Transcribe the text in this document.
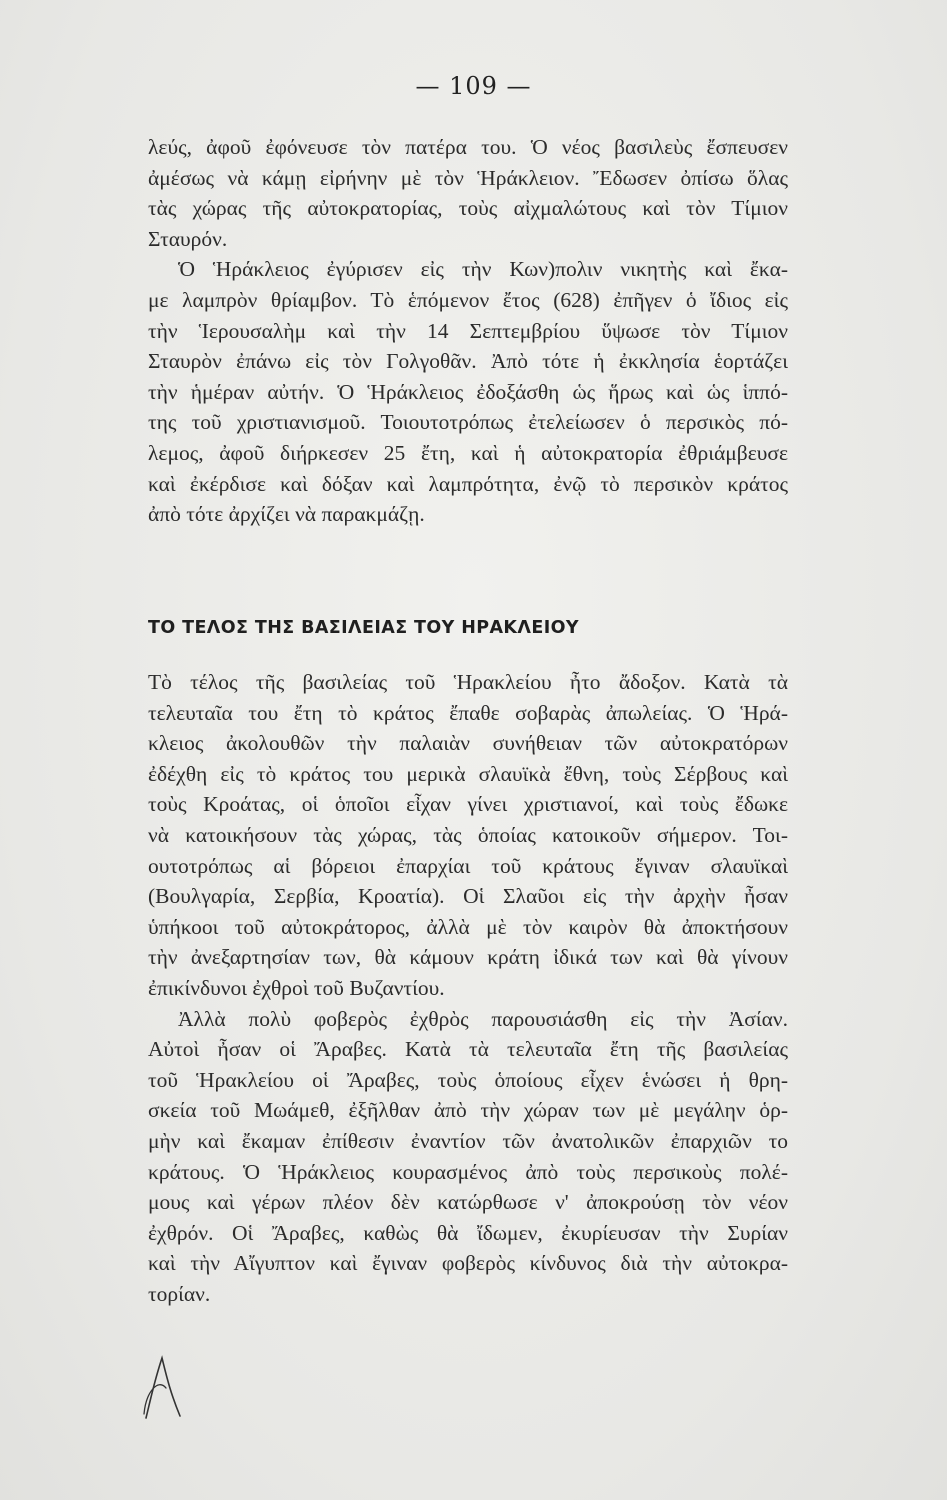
— 109 —
λεύς, ἀφοῦ ἐφόνευσε τὸν πατέρα του. Ὁ νέος βασιλεὺς ἔσπευσεν
ἀμέσως νὰ κάμῃ εἰρήνην μὲ τὸν Ἡράκλειον. Ἔδωσεν ὀπίσω ὅλας
τὰς χώρας τῆς αὐτοκρατορίας, τοὺς αἰχμαλώτους καὶ τὸν Τίμιον
Σταυρόν.
Ὁ Ἡράκλειος ἐγύρισεν εἰς τὴν Κων)πολιν νικητὴς καὶ ἔκα-
με λαμπρὸν θρίαμβον. Τὸ ἑπόμενον ἔτος (628) ἐπῆγεν ὁ ἴδιος εἰς
τὴν Ἱερουσαλὴμ καὶ τὴν 14 Σεπτεμβρίου ὕψωσε τὸν Τίμιον
Σταυρὸν ἐπάνω εἰς τὸν Γολγοθᾶν. Ἀπὸ τότε ἡ ἐκκλησία ἑορτάζει
τὴν ἡμέραν αὐτήν. Ὁ Ἡράκλειος ἐδοξάσθη ὡς ἥρως καὶ ὡς ἱππό-
της τοῦ χριστιανισμοῦ. Τοιουτοτρόπως ἐτελείωσεν ὁ περσικὸς πό-
λεμος, ἀφοῦ διήρκεσεν 25 ἔτη, καὶ ἡ αὐτοκρατορία ἐθριάμβευσε
καὶ ἐκέρδισε καὶ δόξαν καὶ λαμπρότητα, ἐνῷ τὸ περσικὸν κράτος
ἀπὸ τότε ἀρχίζει νὰ παρακμάζῃ.
ΤΟ ΤΕΛΟΣ ΤΗΣ ΒΑΣΙΛΕΙΑΣ ΤΟΥ ΗΡΑΚΛΕΙΟΥ
Τὸ τέλος τῆς βασιλείας τοῦ Ἡρακλείου ἦτο ἄδοξον. Κατὰ τὰ
τελευταῖα του ἔτη τὸ κράτος ἔπαθε σοβαρὰς ἀπωλείας. Ὁ Ἡρά-
κλειος ἀκολουθῶν τὴν παλαιὰν συνήθειαν τῶν αὐτοκρατόρων
ἐδέχθη εἰς τὸ κράτος του μερικὰ σλαυϊκὰ ἔθνη, τοὺς Σέρβους καὶ
τοὺς Κροάτας, οἱ ὁποῖοι εἶχαν γίνει χριστιανοί, καὶ τοὺς ἔδωκε
νὰ κατοικήσουν τὰς χώρας, τὰς ὁποίας κατοικοῦν σήμερον. Τοι-
ουτοτρόπως αἱ βόρειοι ἐπαρχίαι τοῦ κράτους ἔγιναν σλαυϊκαὶ
(Βουλγαρία, Σερβία, Κροατία). Οἱ Σλαῦοι εἰς τὴν ἀρχὴν ἦσαν
ὑπήκοοι τοῦ αὐτοκράτορος, ἀλλὰ μὲ τὸν καιρὸν θὰ ἀποκτήσουν
τὴν ἀνεξαρτησίαν των, θὰ κάμουν κράτη ἰδικά των καὶ θὰ γίνουν
ἐπικίνδυνοι ἐχθροὶ τοῦ Βυζαντίου.
Ἀλλὰ πολὺ φοβερὸς ἐχθρὸς παρουσιάσθη εἰς τὴν Ἀσίαν.
Αὐτοὶ ἦσαν οἱ Ἄραβες. Κατὰ τὰ τελευταῖα ἔτη τῆς βασιλείας
τοῦ Ἡρακλείου οἱ Ἄραβες, τοὺς ὁποίους εἶχεν ἑνώσει ἡ θρη-
σκεία τοῦ Μωάμεθ, ἐξῆλθαν ἀπὸ τὴν χώραν των μὲ μεγάλην ὁρ-
μὴν καὶ ἔκαμαν ἐπίθεσιν ἐναντίον τῶν ἀνατολικῶν ἐπαρχιῶν το
κράτους. Ὁ Ἡράκλειος κουρασμένος ἀπὸ τοὺς περσικοὺς πολέ-
μους καὶ γέρων πλέον δὲν κατώρθωσε ν' ἀποκρούσῃ τὸν νέον
ἐχθρόν. Οἱ Ἄραβες, καθὼς θὰ ἴδωμεν, ἐκυρίευσαν τὴν Συρίαν
καὶ τὴν Αἴγυπτον καὶ ἔγιναν φοβερὸς κίνδυνος διὰ τὴν αὐτοκρα-
τορίαν.
